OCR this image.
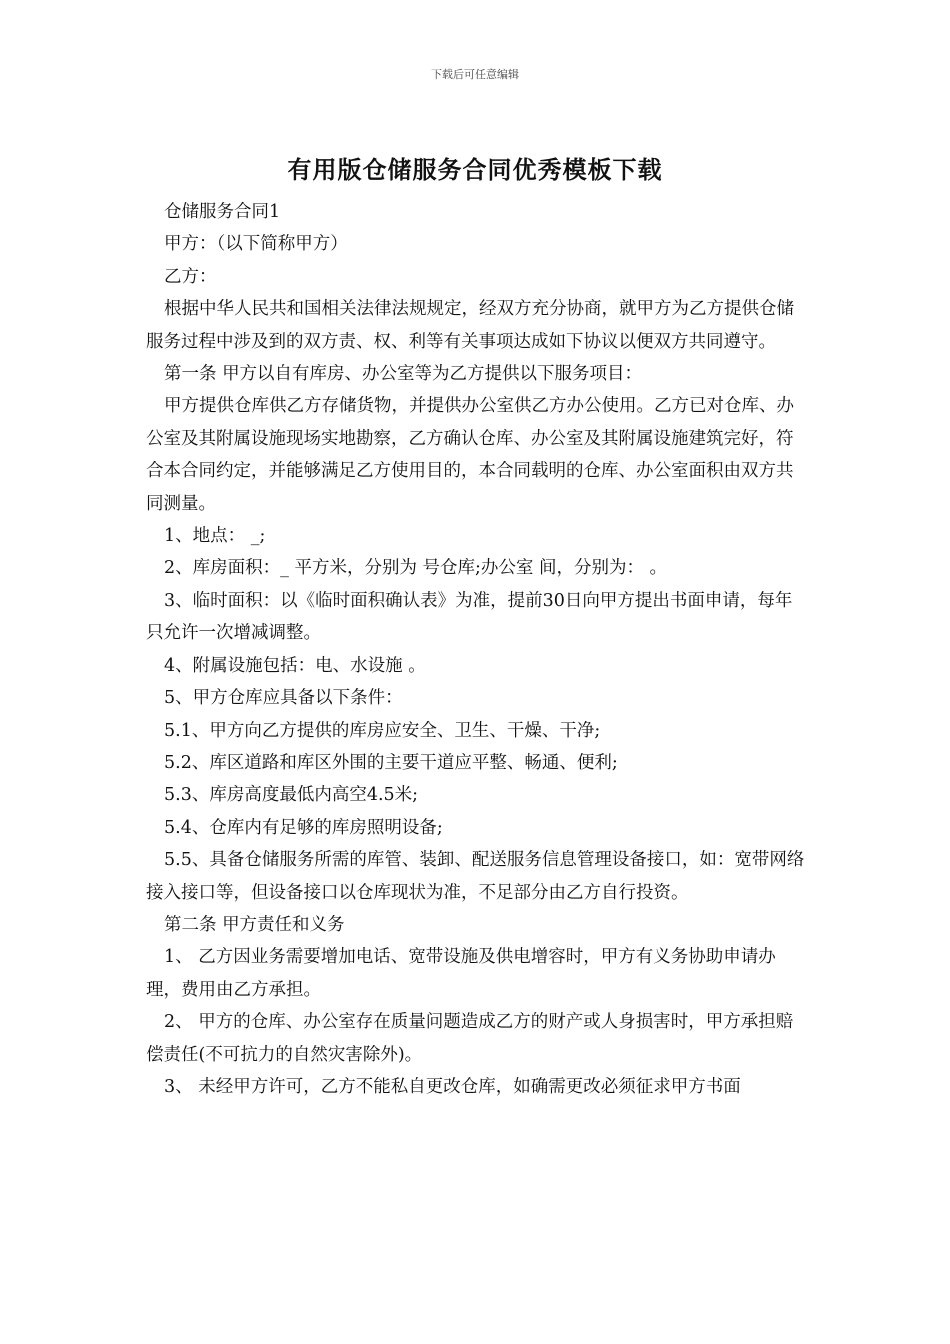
下载后可任意编辑
有用版仓储服务合同优秀模板下载

仓储服务合同1

甲方：（以下简称甲方）

乙方：

根据中华人民共和国相关法律法规规定，经双方充分协商，就甲方为乙方提供仓储服务过程中涉及到的双方责、权、利等有关事项达成如下协议以便双方共同遵守。

第一条 甲方以自有库房、办公室等为乙方提供以下服务项目：

甲方提供仓库供乙方存储货物，并提供办公室供乙方办公使用。乙方已对仓库、办公室及其附属设施现场实地勘察，乙方确认仓库、办公室及其附属设施建筑完好，符合本合同约定，并能够满足乙方使用目的，本合同载明的仓库、办公室面积由双方共同测量。

1、地点： _;

2、库房面积：_ 平方米，分别为 号仓库;办公室 间，分别为： 。

3、临时面积：以《临时面积确认表》为准，提前30日向甲方提出书面申请，每年只允许一次增减调整。

4、附属设施包括：电、水设施 。

5、甲方仓库应具备以下条件：

5.1、甲方向乙方提供的库房应安全、卫生、干燥、干净;

5.2、库区道路和库区外围的主要干道应平整、畅通、便利;

5.3、库房高度最低内高空4.5米;

5.4、仓库内有足够的库房照明设备;

5.5、具备仓储服务所需的库管、装卸、配送服务信息管理设备接口，如：宽带网络接入接口等，但设备接口以仓库现状为准，不足部分由乙方自行投资。

第二条 甲方责任和义务

1、 乙方因业务需要增加电话、宽带设施及供电增容时，甲方有义务协助申请办理，费用由乙方承担。

2、 甲方的仓库、办公室存在质量问题造成乙方的财产或人身损害时，甲方承担赔偿责任(不可抗力的自然灾害除外)。

3、 未经甲方许可，乙方不能私自更改仓库，如确需更改必须征求甲方书面
